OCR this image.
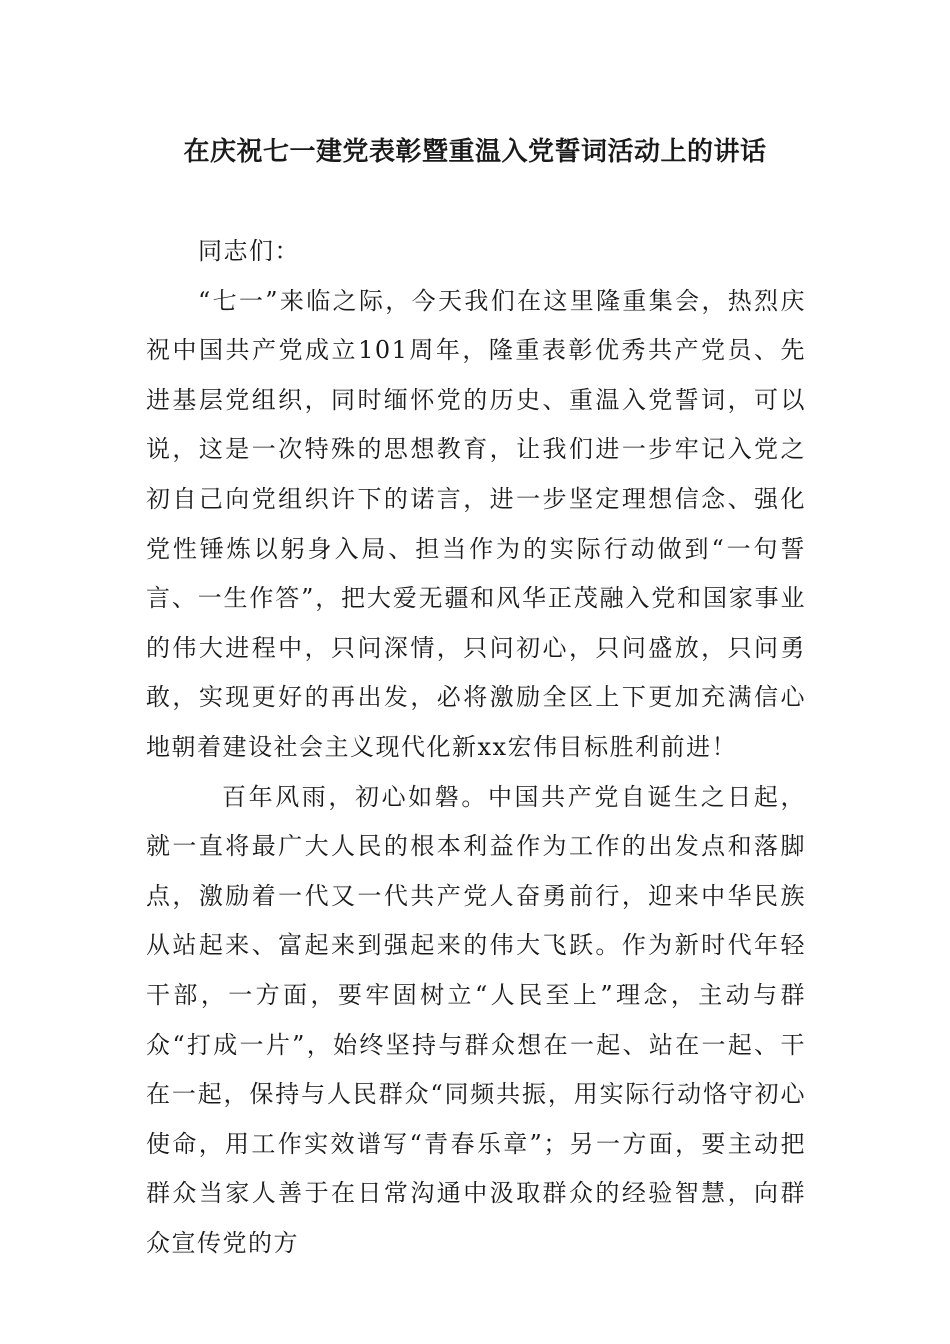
在庆祝七一建党表彰暨重温入党誓词活动上的讲话

同志们：

“七一”来临之际，今天我们在这里隆重集会，热烈庆祝中国共产党成立101周年，隆重表彰优秀共产党员、先进基层党组织，同时缅怀党的历史、重温入党誓词，可以说，这是一次特殊的思想教育，让我们进一步牢记入党之初自己向党组织许下的诺言，进一步坚定理想信念、强化党性锤炼以躬身入局、担当作为的实际行动做到“一句誓言、一生作答”，把大爱无疆和风华正茂融入党和国家事业的伟大进程中，只问深情，只问初心，只问盛放，只问勇敢，实现更好的再出发，必将激励全区上下更加充满信心地朝着建设社会主义现代化新xx宏伟目标胜利前进！

百年风雨，初心如磐。中国共产党自诞生之日起，就一直将最广大人民的根本利益作为工作的出发点和落脚点，激励着一代又一代共产党人奋勇前行，迎来中华民族从站起来、富起来到强起来的伟大飞跃。作为新时代年轻干部，一方面，要牢固树立“人民至上”理念，主动与群众“打成一片”，始终坚持与群众想在一起、站在一起、干在一起，保持与人民群众“同频共振，用实际行动恪守初心使命，用工作实效谱写“青春乐章”；另一方面，要主动把群众当家人善于在日常沟通中汲取群众的经验智慧，向群众宣传党的方
